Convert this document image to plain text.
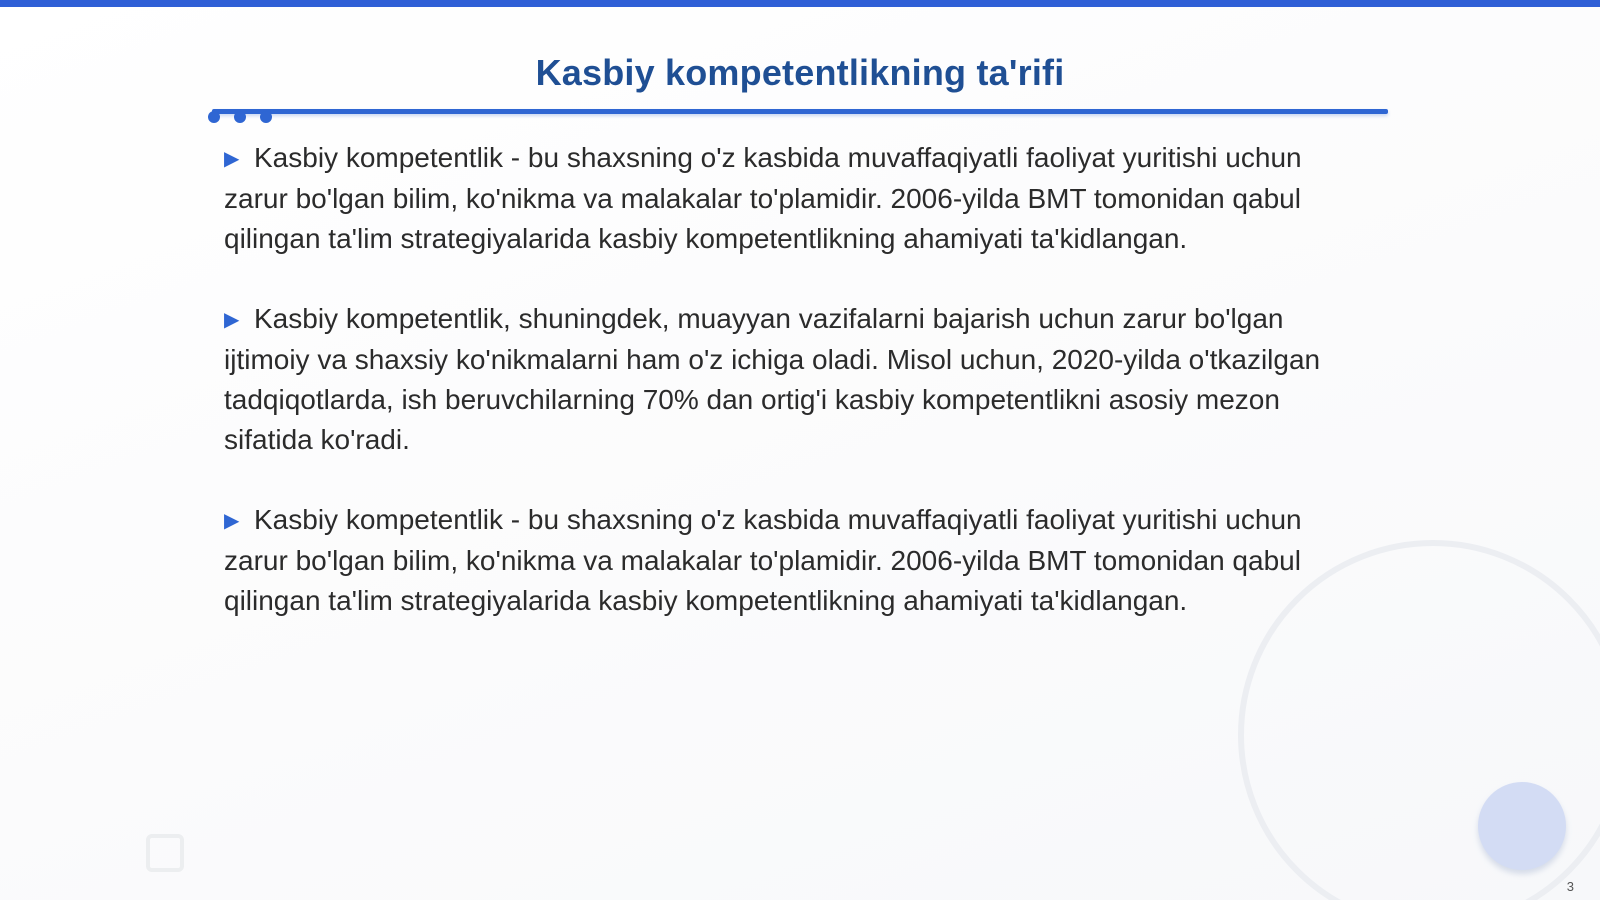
Kasbiy kompetentlikning ta'rifi

▶ Kasbiy kompetentlik - bu shaxsning o'z kasbida muvaffaqiyatli faoliyat yuritishi uchun zarur bo'lgan bilim, ko'nikma va malakalar to'plamidir. 2006-yilda BMT tomonidan qabul qilingan ta'lim strategiyalarida kasbiy kompetentlikning ahamiyati ta'kidlangan.

▶ Kasbiy kompetentlik, shuningdek, muayyan vazifalarni bajarish uchun zarur bo'lgan ijtimoiy va shaxsiy ko'nikmalarni ham o'z ichiga oladi. Misol uchun, 2020-yilda o'tkazilgan tadqiqotlarda, ish beruvchilarning 70% dan ortig'i kasbiy kompetentlikni asosiy mezon sifatida ko'radi.

▶ Kasbiy kompetentlik - bu shaxsning o'z kasbida muvaffaqiyatli faoliyat yuritishi uchun zarur bo'lgan bilim, ko'nikma va malakalar to'plamidir. 2006-yilda BMT tomonidan qabul qilingan ta'lim strategiyalarida kasbiy kompetentlikning ahamiyati ta'kidlangan.

3
